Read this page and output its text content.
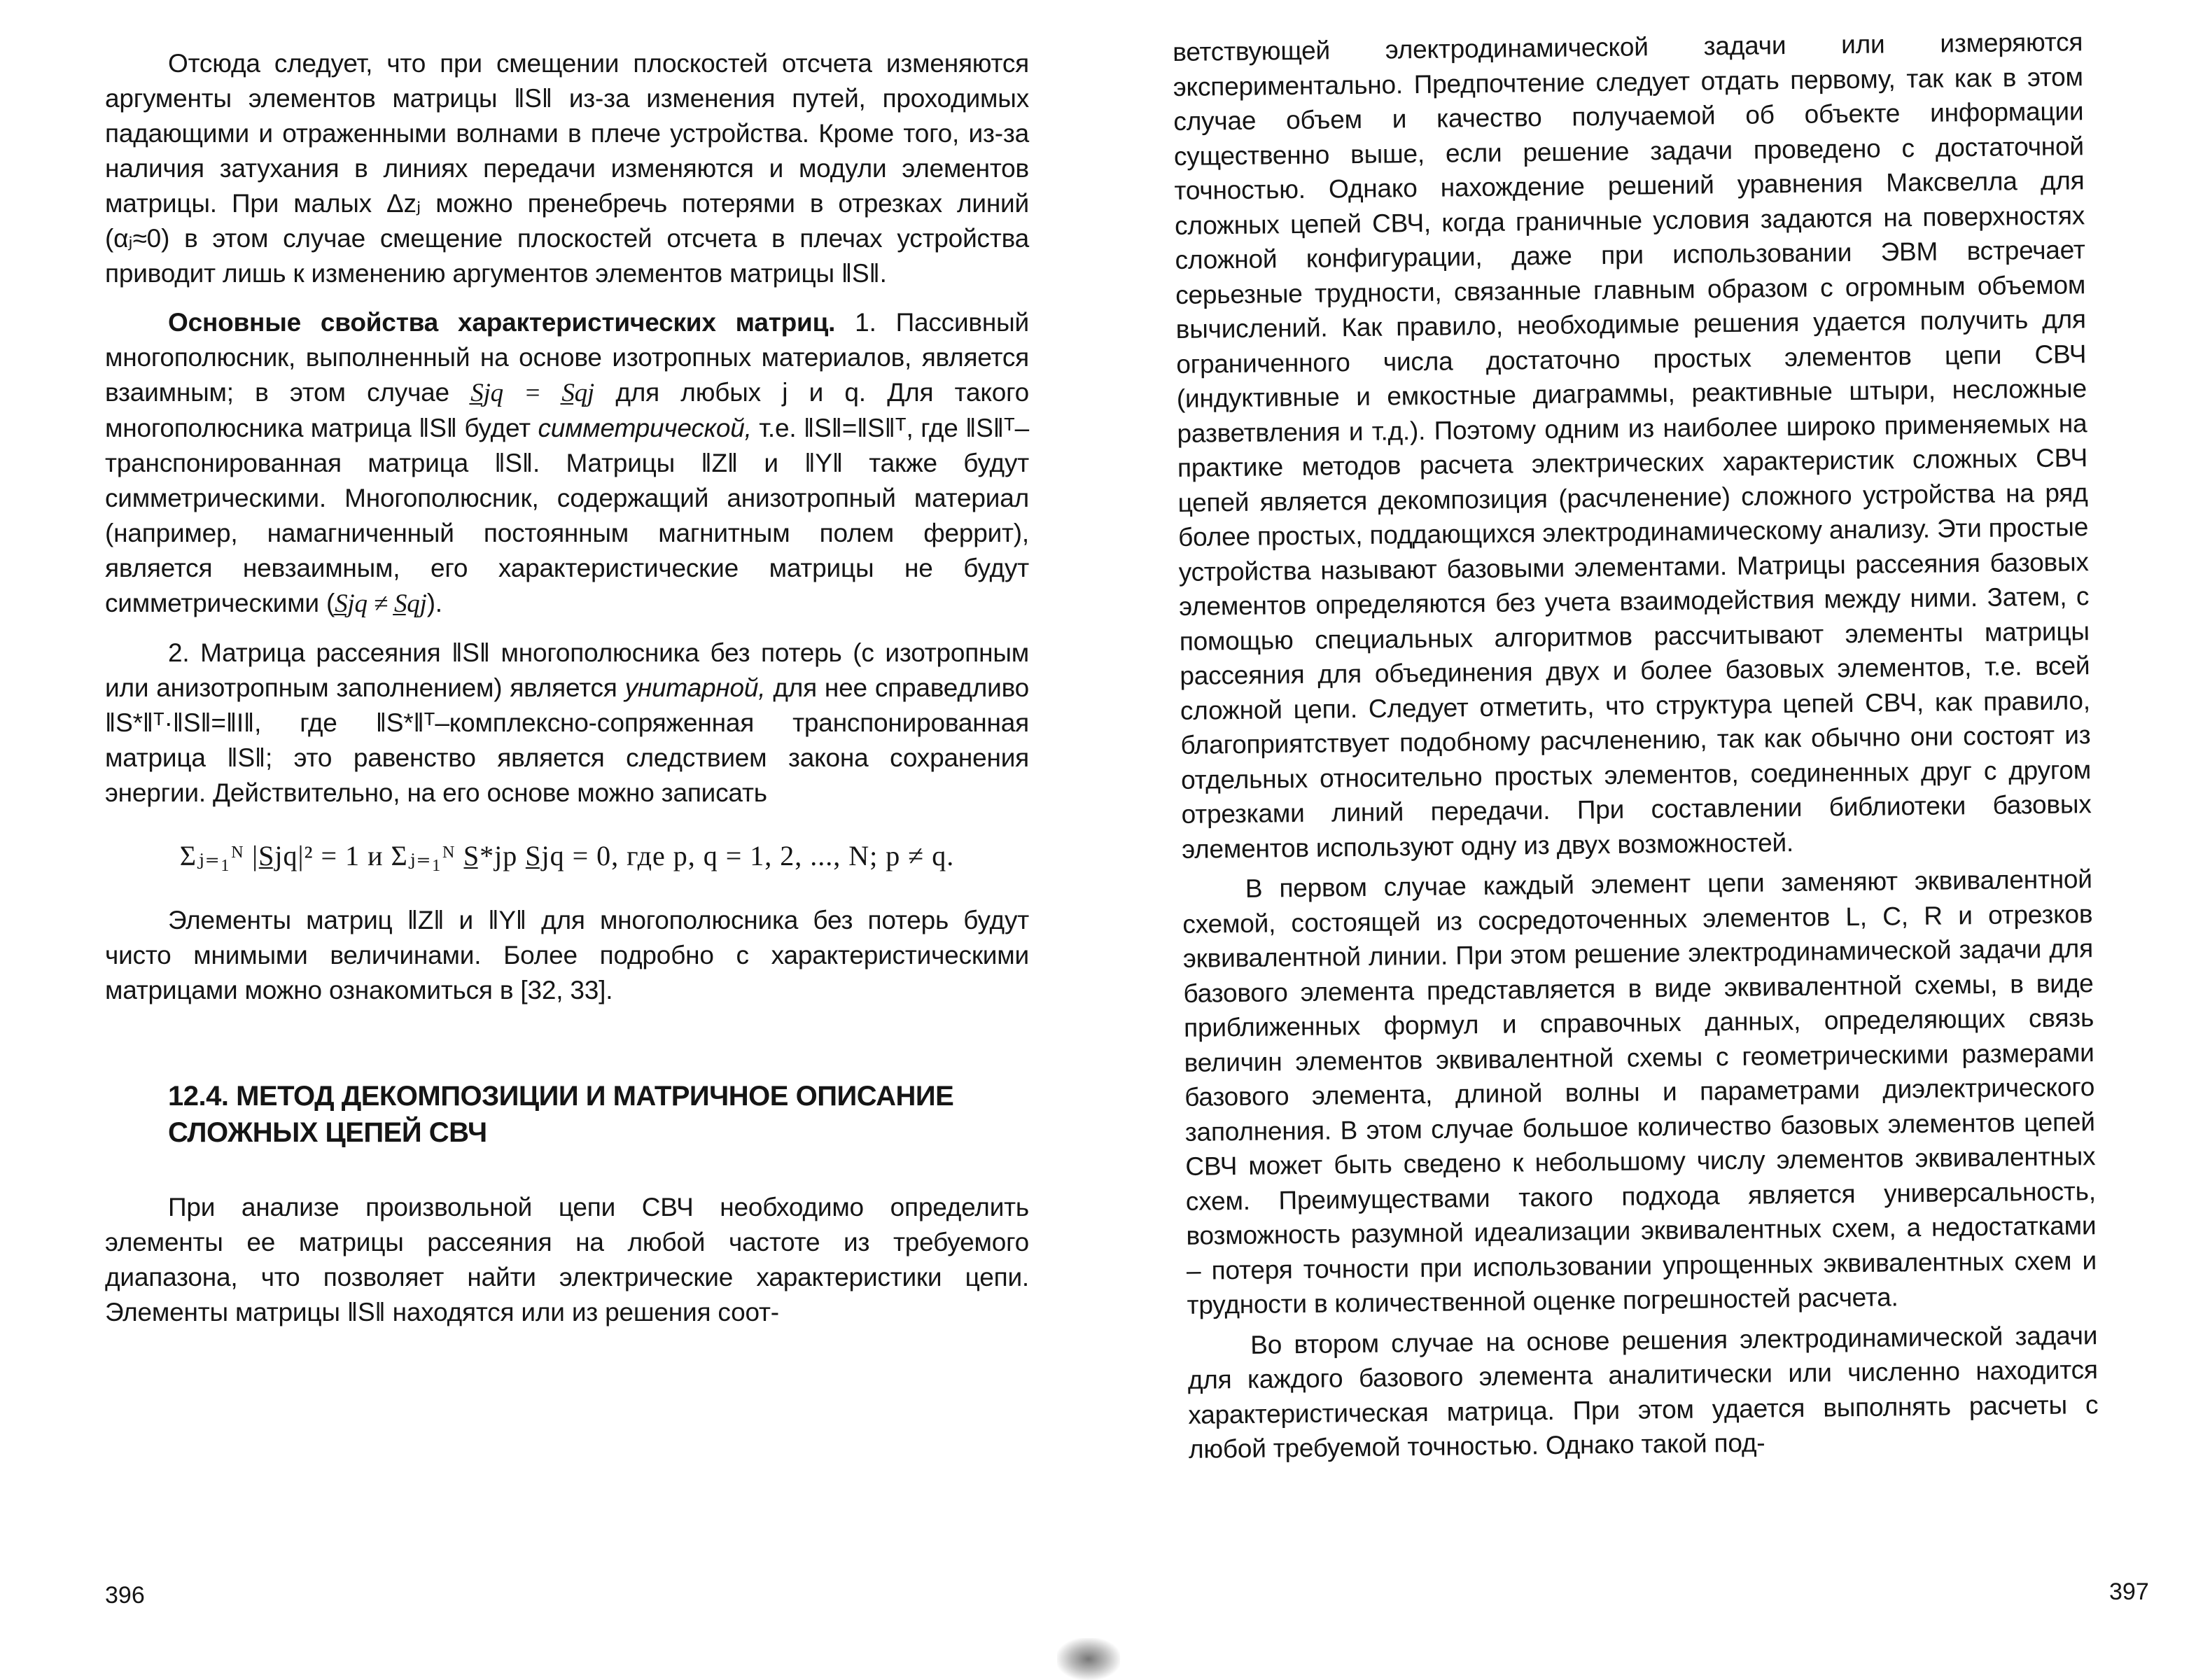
Отсюда следует, что при смещении плоскостей отсчета изменяются аргументы элементов матрицы ‖S‖ из-за изменения путей, проходимых падающими и отраженными волнами в плече устройства. Кроме того, из-за наличия затухания в линиях передачи изменяются и модули элементов матрицы. При малых Δzⱼ можно пренебречь потерями в отрезках линий (αⱼ≈0) в этом случае смещение плоскостей отсчета в плечах устройства приводит лишь к изменению аргументов элементов матрицы ‖S‖.

Основные свойства характеристических матриц. 1. Пассивный многополюсник, выполненный на основе изотропных материалов, является взаимным; в этом случае S̲jq = S̲qj для любых j и q. Для такого многополюсника матрица ‖S‖ будет симметрической, т.е. ‖S‖=‖S‖ᵀ, где ‖S‖ᵀ–транспонированная матрица ‖S‖. Матрицы ‖Z‖ и ‖Y‖ также будут симметрическими. Многополюсник, содержащий анизотропный материал (например, намагниченный постоянным магнитным полем феррит), является невзаимным, его характеристические матрицы не будут симметрическими (S̲jq ≠ S̲qj).

2. Матрица рассеяния ‖S‖ многополюсника без потерь (с изотропным или анизотропным заполнением) является унитарной, для нее справедливо ‖S*‖ᵀ·‖S‖=‖I‖, где ‖S*‖ᵀ–комплексно-сопряженная транспонированная матрица ‖S‖; это равенство является следствием закона сохранения энергии. Действительно, на его основе можно записать

Σⱼ₌₁ᴺ |S̲jq|² = 1 и Σⱼ₌₁ᴺ S̲*jp S̲jq = 0, где p, q = 1, 2, ..., N; p ≠ q.

Элементы матриц ‖Z‖ и ‖Y‖ для многополюсника без потерь будут чисто мнимыми величинами. Более подробно с характеристическими матрицами можно ознакомиться в [32, 33].

12.4. МЕТОД ДЕКОМПОЗИЦИИ И МАТРИЧНОЕ ОПИСАНИЕ СЛОЖНЫХ ЦЕПЕЙ СВЧ

При анализе произвольной цепи СВЧ необходимо определить элементы ее матрицы рассеяния на любой частоте из требуемого диапазона, что позволяет найти электрические характеристики цепи. Элементы матрицы ‖S‖ находятся или из решения соот-

396

ветствующей электродинамической задачи или измеряются экспериментально. Предпочтение следует отдать первому, так как в этом случае объем и качество получаемой об объекте информации существенно выше, если решение задачи проведено с достаточной точностью. Однако нахождение решений уравнения Максвелла для сложных цепей СВЧ, когда граничные условия задаются на поверхностях сложной конфигурации, даже при использовании ЭВМ встречает серьезные трудности, связанные главным образом с огромным объемом вычислений. Как правило, необходимые решения удается получить для ограниченного числа достаточно простых элементов цепи СВЧ (индуктивные и емкостные диаграммы, реактивные штыри, несложные разветвления и т.д.). Поэтому одним из наиболее широко применяемых на практике методов расчета электрических характеристик сложных СВЧ цепей является декомпозиция (расчленение) сложного устройства на ряд более простых, поддающихся электродинамическому анализу. Эти простые устройства называют базовыми элементами. Матрицы рассеяния базовых элементов определяются без учета взаимодействия между ними. Затем, с помощью специальных алгоритмов рассчитывают элементы матрицы рассеяния для объединения двух и более базовых элементов, т.е. всей сложной цепи. Следует отметить, что структура цепей СВЧ, как правило, благоприятствует подобному расчленению, так как обычно они состоят из отдельных относительно простых элементов, соединенных друг с другом отрезками линий передачи. При составлении библиотеки базовых элементов используют одну из двух возможностей.

В первом случае каждый элемент цепи заменяют эквивалентной схемой, состоящей из сосредоточенных элементов L, C, R и отрезков эквивалентной линии. При этом решение электродинамической задачи для базового элемента представляется в виде эквивалентной схемы, в виде приближенных формул и справочных данных, определяющих связь величин элементов эквивалентной схемы с геометрическими размерами базового элемента, длиной волны и параметрами диэлектрического заполнения. В этом случае большое количество базовых элементов цепей СВЧ может быть сведено к небольшому числу элементов эквивалентных схем. Преимуществами такого подхода является универсальность, возможность разумной идеализации эквивалентных схем, а недостатками – потеря точности при использовании упрощенных эквивалентных схем и трудности в количественной оценке погрешностей расчета.

Во втором случае на основе решения электродинамической задачи для каждого базового элемента аналитически или численно находится характеристическая матрица. При этом удается выполнять расчеты с любой требуемой точностью. Однако такой под-

397
